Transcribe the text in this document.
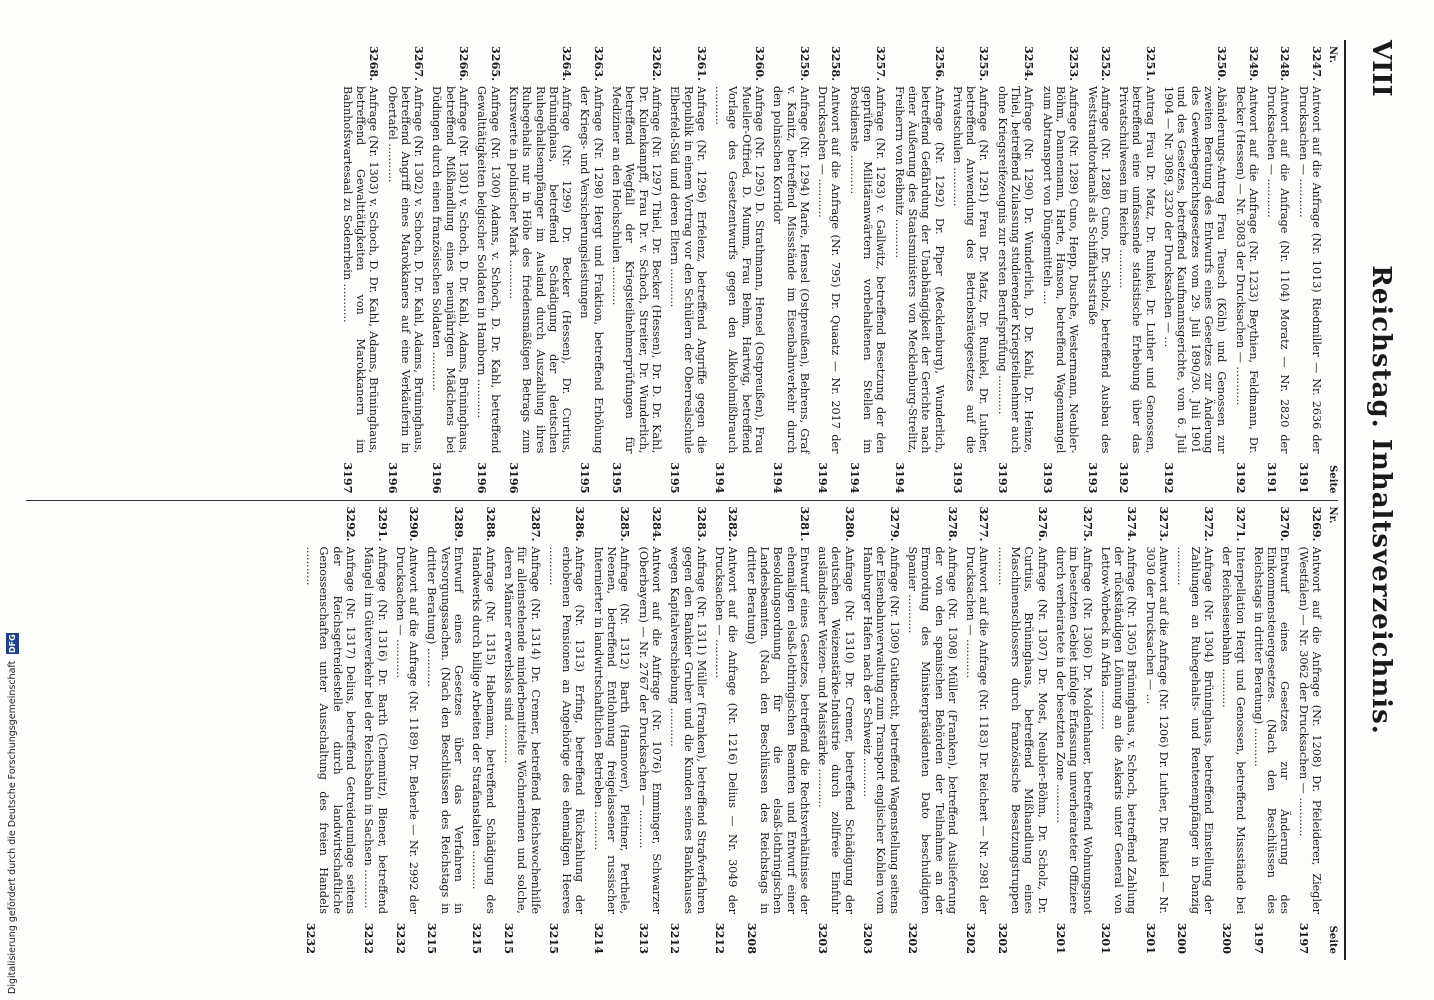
VIII
Reichstag. Inhaltsverzeichnis.
Nr.
Seite
3247.
Antwort auf die Anfrage (Nr. 1013) Riedmiller — Nr. 2636 der Drucksachen — ...........
3191
3248.
Antwort auf die Anfrage (Nr. 1104) Moratz — Nr. 2820 der Drucksachen — ...........
3191
3249.
Antwort auf die Anfrage (Nr. 1233) Beythien, Feldmann, Dr. Becker (Hessen) — Nr. 3083 der Drucksachen — ...........
3192
3250.
Abänderungs-Antrag Frau Teusch (Köln) und Genossen zur zweiten Beratung des Entwurfs eines Gesetzes zur Änderung des Gewerbegerichtsgesetzes vom 29. Juli 1890/30. Juli 1901 und des Gesetzes, betreffend Kaufmannsgerichte, vom 6. Juli 1904 — Nr. 3089, 3230 der Drucksachen — ...
3192
3251.
Antrag Frau Dr. Matz, Dr. Runkel, Dr. Luther und Genossen, betreffend eine umfassende statistische Erhebung über das Privatschulwesen im Reiche ...........
3192
3252.
Anfrage (Nr. 1288) Cuno, Dr. Scholz, betreffend Ausbau des Weststrandtorkanals als Schiffahrtsstraße
3193
3253.
Anfrage (Nr. 1289) Cuno, Hepp, Dusche, Westermann, Neubler-Böhm, Dannemann, Harte, Hanson, betreffend Wagenmangel zum Abtransport von Düngemitteln ....
3193
3254.
Anfrage (Nr. 1290) Dr. Wunderlich, D. Dr. Kahl, Dr. Heinze, Thiel, betreffend Zulassung studierender Kriegsteilnehmer auch ohne Kriegsreifezeugnis zur ersten Berufsprüfung ...........
3193
3255.
Anfrage (Nr. 1291) Frau Dr. Matz, Dr. Runkel, Dr. Luther, betreffend Anwendung des Betriebsrätegesetzes auf die Privatschulen ...........
3193
3256.
Anfrage (Nr. 1292) Dr. Piper (Mecklenburg), Wunderlich, betreffend Gefährdung der Unabhängigkeit der Gerichte nach einer Äußerung des Staatsministers von Mecklenburg-Strelitz, Freiherrn von Reibnitz ...........
3194
3257.
Anfrage (Nr. 1293) v. Gallwitz, betreffend Besetzung der den geprüften Militäranwärtern vorbehaltenen Stellen im Postdienste ...........
3194
3258.
Antwort auf die Anfrage (Nr. 795) Dr. Quaatz — Nr. 2017 der Drucksachen — ...........
3194
3259.
Anfrage (Nr. 1294) Marie, Hensel (Ostpreußen), Behrens, Graf v. Kanitz, betreffend Missstände im Eisenbahnverkehr durch den polnischen Korridor
3194
3260.
Anfrage (Nr. 1295) D. Strathmann, Hensel (Ostpreußen), Frau Mueller-Otfried, D. Mumm, Frau Behm, Hartwig, betreffend Vorlage des Gesetzentwurfs gegen den Alkoholmißbrauch ...........
3194
3261.
Anfrage (Nr. 1296) Erfelenz, betreffend Angriffe gegen die Republik in einem Vortrag vor den Schülern der Oberrealschule Elberfeld-Süd und deren Eltern ...........
3195
3262.
Anfrage (Nr. 1297) Thiel, Dr. Becker (Hessen), Dr. D. Dr. Kahl, Dr. Kulenkampff, Frau Dr. v. Schoch, Streiter, Dr. Wunderlich, betreffend Wegfall der Kriegsteilnehmerprüfungen für Mediziner an den Hochschulen ...........
3195
3263.
Anfrage (Nr. 1298) Hergt und Fraktion, betreffend Erhöhung der Kriegs- und Versicherungsleistungen
3195
3264.
Anfrage (Nr. 1299) Dr. Becker (Hessen), Dr. Curtius, Brüninghaus, betreffend Schädigung der deutschen Ruhegehaltsempfänger im Ausland durch Auszahlung ihres Ruhegehalts nur in Höhe des friedensmäßigen Betrags zum Kurswerte in polnischer Mark ...........
3196
3265.
Anfrage (Nr. 1300) Adams, v. Schoch, D. Dr. Kahl, betreffend Gewalttätigkeiten belgischer Soldaten in Hamborn ...........
3196
3266.
Anfrage (Nr. 1301) v. Schoch, D. Dr. Kahl, Adams, Brüninghaus, betreffend Mißhandlung eines neunjährigen Mädchens bei Düdingen durch einen französischen Soldaten ...........
3196
3267.
Anfrage (Nr. 1302) v. Schoch, D. Dr. Kahl, Adams, Brüninghaus, betreffend Angriff eines Marokkaners auf eine Verkäuferin in Obertafel ...........
3196
3268.
Anfrage (Nr. 1303) v. Schoch, D. Dr. Kahl, Adams, Brüninghaus, betreffend Gewalttätigkeiten von Marokkanern im Bahnhofswartesaal zu Sodenrhein ...........
3197
Nr.
Seite
3269.
Antwort auf die Anfrage (Nr. 1208) Dr. Pfeleiderer, Ziegler (Westfalen) — Nr. 3062 der Drucksachen — ...........
3197
3270.
Entwurf eines Gesetzes zur Änderung des Einkommensteuergesetzes. (Nach den Beschlüssen des Reichstags in dritter Beratung) ...........
3197
3271.
Interpellation Hergt und Genossen, betreffend Missstände bei der Reichseisenbahn ...........
3200
3272.
Anfrage (Nr. 1304) Brüninghaus, betreffend Einstellung der Zahlungen an Ruhegehalts- und Rentenempfänger in Danzig ...........
3200
3273.
Antwort auf die Anfrage (Nr. 1206) Dr. Luther, Dr. Runkel — Nr. 3030 der Drucksachen — ...
3201
3274.
Anfrage (Nr. 1305) Brüninghaus, v. Schoch, betreffend Zahlung der rückständigen Löhnung an die Askaris unter General von Lettow-Vorbeck in Afrika ...........
3201
3275.
Anfrage (Nr. 1306) Dr. Moldenhauer, betreffend Wohnungsnot im besetzten Gebiet infolge Erfassung unverheirateter Offiziere durch verheiratete in der besetzten Zone ...........
3201
3276.
Anfrage (Nr. 1307) Dr. Most, Neubler-Böhm, Dr. Scholz, Dr. Curtius, Brüninghaus, betreffend Mißhandlung eines Maschinenschlossers durch französische Besatzungstruppen ...........
3202
3277.
Antwort auf die Anfrage (Nr. 1183) Dr. Reichert — Nr. 2981 der Drucksachen — ...........
3202
3278.
Anfrage (Nr. 1308) Müller (Franken), betreffend Auslieferung der von den spanischen Behörden der Teilnahme an der Ermordung des Ministerpräsidenten Dato beschuldigten Spanier ...........
3202
3279.
Anfrage (Nr. 1309) Gutknecht, betreffend Wagenstellung seitens der Eisenbahnverwaltung zum Transport englischer Kohlen vom Hamburger Hafen nach der Schweiz ...........
3203
3280.
Anfrage (Nr. 1310) Dr. Cremer, betreffend Schädigung der deutschen Weizenstärke-Industrie durch zollfreie Einfuhr ausländischer Weizen- und Maisstärke ...........
3203
3281.
Entwurf eines Gesetzes, betreffend die Rechtsverhältnisse der ehemaligen elsaß-lothringischen Beamten und Entwurf einer Besoldungsordnung für die elsaß-lothringischen Landesbeamten. (Nach den Beschlüssen des Reichstags in dritter Beratung)
3208
3282.
Antwort auf die Anfrage (Nr. 1216) Delius — Nr. 3049 der Drucksachen — ...........
3212
3283.
Anfrage (Nr. 1311) Müller (Franken), betreffend Strafverfahren gegen den Bankier Gruber und die Kunden seines Bankhauses wegen Kapitalverschiebung ...........
3212
3284.
Antwort auf die Anfrage (Nr. 1076) Emminger, Schwarzer (Oberbayern) — Nr. 2767 der Drucksachen — ...........
3213
3285.
Anfrage (Nr. 1312) Barth (Hannover), Pleitner, Perthele, Neenen, betreffend Entlohnung freigelassener russischer Internierter in landwirtschaftlichen Betrieben ...........
3214
3286.
Anfrage (Nr. 1313) Erfing, betreffend Rückzahlung der erhobenen Pensionen an Angehörige des ehemaligen Heeres ...........
3215
3287.
Anfrage (Nr. 1314) Dr. Cremer, betreffend Reichswochenhilfe für alleinstehende minderbemittelte Wöchnerinnen und solche, deren Männer erwerbslos sind ...........
3215
3288.
Anfrage (Nr. 1315) Habemann, betreffend Schädigung des Handwerks durch billige Arbeiten der Strafanstalten ...........
3215
3289.
Entwurf eines Gesetzes über das Verfahren in Versorgungssachen. (Nach den Beschlüssen des Reichstags in dritter Beratung) ...........
3215
3290.
Antwort auf die Anfrage (Nr. 1189) Dr. Beherle — Nr. 2992 der Drucksachen — ...........
3232
3291.
Anfrage (Nr. 1316) Dr. Barth (Chemnitz), Biener, betreffend Mängel im Güterverkehr bei der Reichsbahn in Sachsen ...........
3232
3292.
Anfrage (Nr. 1317) Delius, betreffend Getreideumlage seitens der Reichsgetreidestelle durch landwirtschaftliche Genossenschaften unter Ausschaltung des freien Handels ...........
3232
Digitalisierung gefördert durch die Deutsche Forschungsgemeinschaft DFG
